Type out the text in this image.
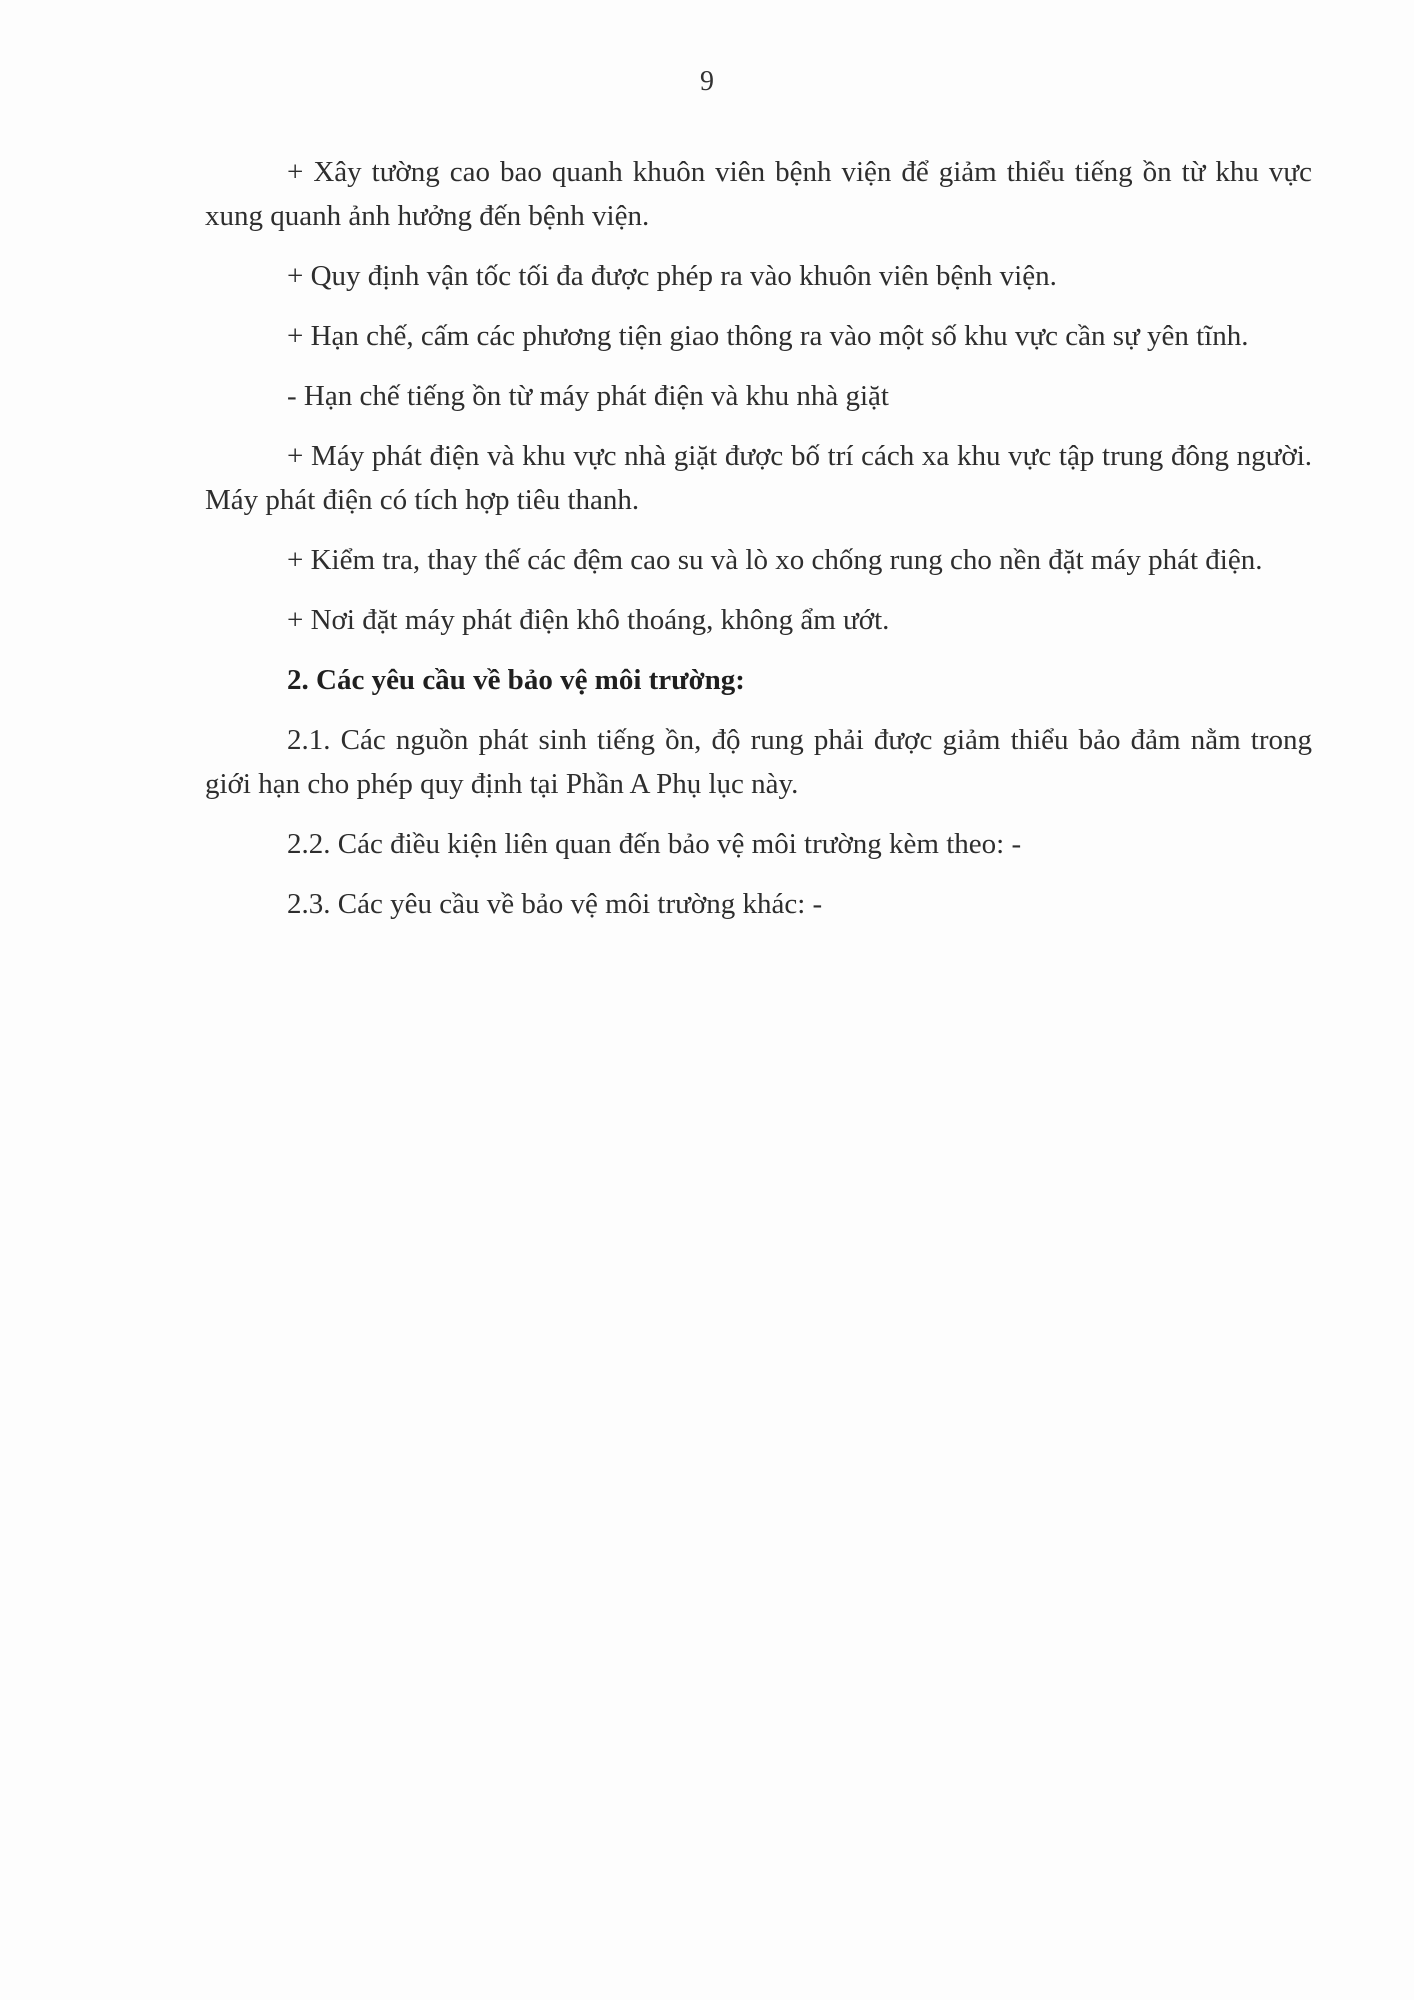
9

+ Xây tường cao bao quanh khuôn viên bệnh viện để giảm thiểu tiếng ồn từ khu vực xung quanh ảnh hưởng đến bệnh viện.

+ Quy định vận tốc tối đa được phép ra vào khuôn viên bệnh viện.

+ Hạn chế, cấm các phương tiện giao thông ra vào một số khu vực cần sự yên tĩnh.

- Hạn chế tiếng ồn từ máy phát điện và khu nhà giặt

+ Máy phát điện và khu vực nhà giặt được bố trí cách xa khu vực tập trung đông người. Máy phát điện có tích hợp tiêu thanh.

+ Kiểm tra, thay thế các đệm cao su và lò xo chống rung cho nền đặt máy phát điện.

+ Nơi đặt máy phát điện khô thoáng, không ẩm ướt.

2. Các yêu cầu về bảo vệ môi trường:

2.1. Các nguồn phát sinh tiếng ồn, độ rung phải được giảm thiểu bảo đảm nằm trong giới hạn cho phép quy định tại Phần A Phụ lục này.

2.2. Các điều kiện liên quan đến bảo vệ môi trường kèm theo: -

2.3. Các yêu cầu về bảo vệ môi trường khác: -
